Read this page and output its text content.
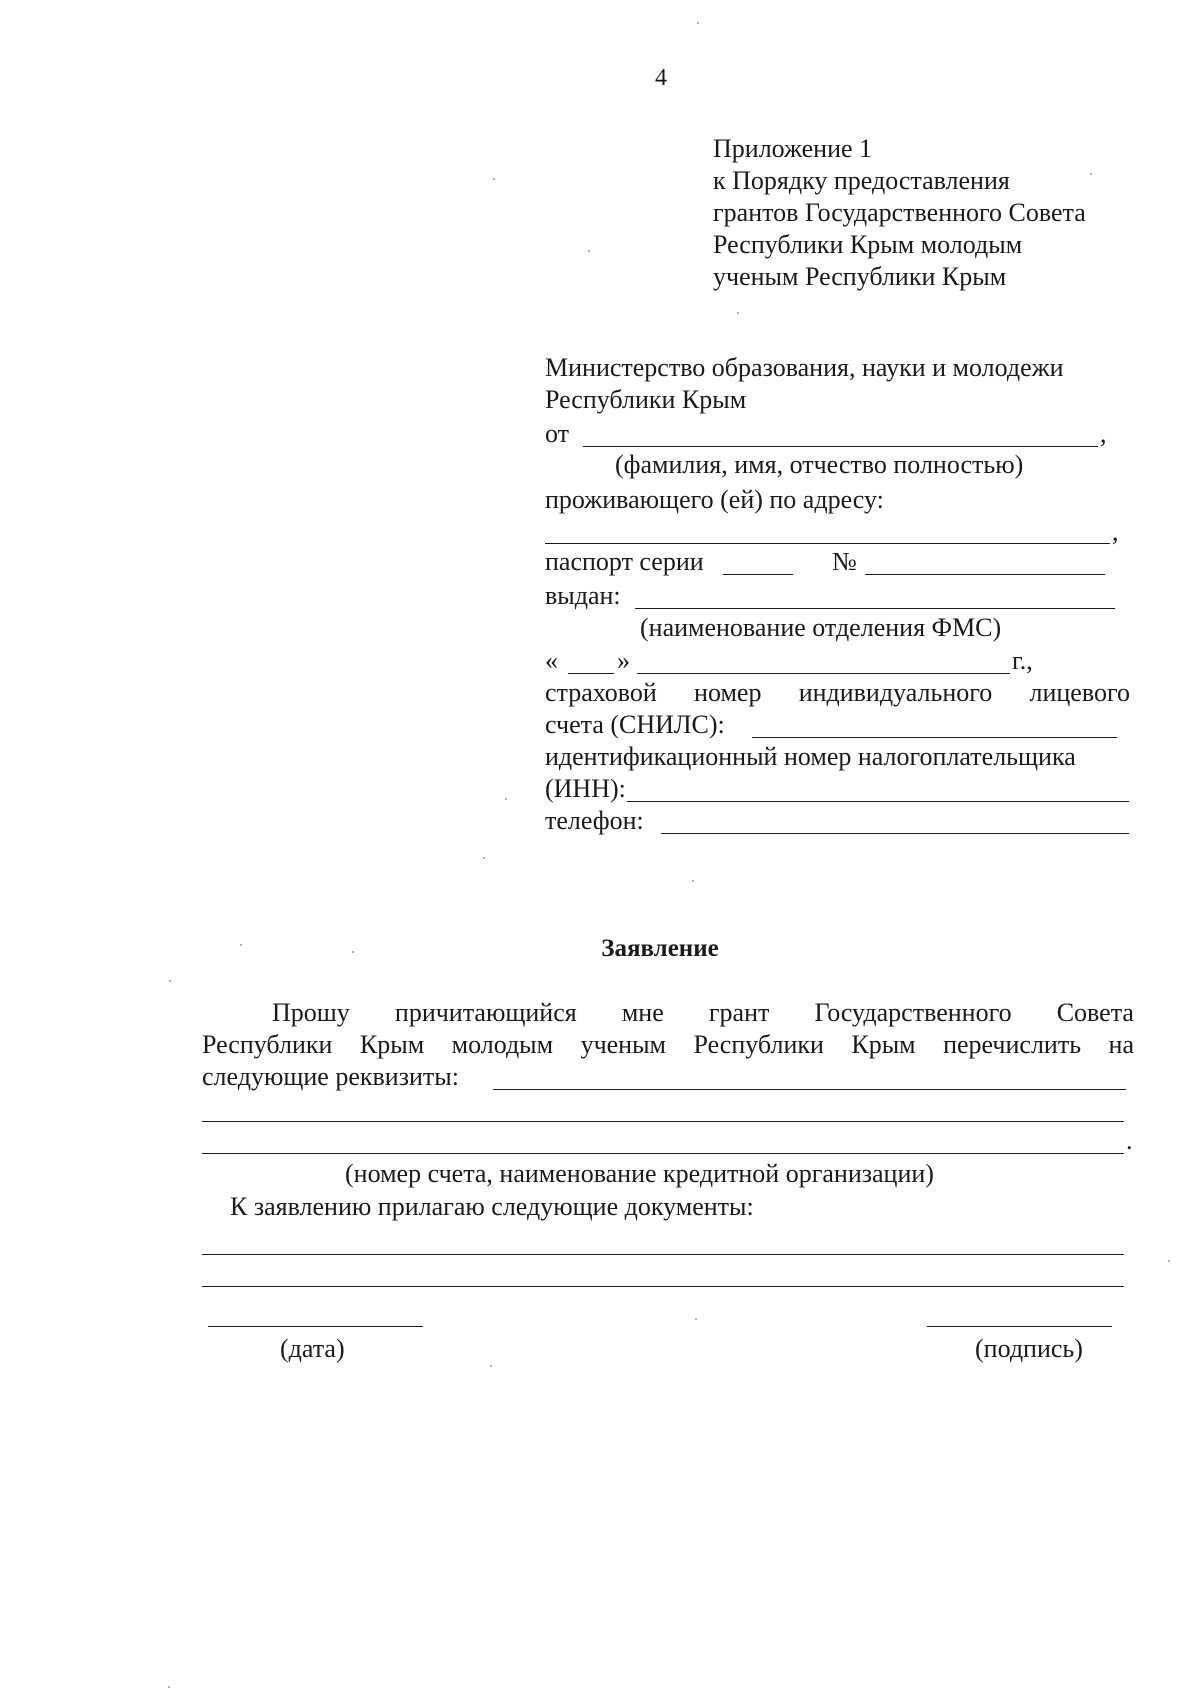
4
Приложение 1
к Порядку предоставления
грантов Государственного Совета
Республики Крым молодым
ученым Республики Крым
Министерство образования, науки и молодежи
Республики Крым
от	,
(фамилия, имя, отчество полностью)
проживающего (ей) по адресу:
,
паспорт серии	№
выдан:
(наименование отделения ФМС)
« »	г.,
страховой номер индивидуального лицевого
счета (СНИЛС):
идентификационный номер налогоплательщика
(ИНН):
телефон:
Заявление
Прошу причитающийся мне грант Государственного Совета
Республики Крым молодым ученым Республики Крым перечислить на
следующие реквизиты:
.
(номер счета, наименование кредитной организации)
К заявлению прилагаю следующие документы:
(дата)	(подпись)
